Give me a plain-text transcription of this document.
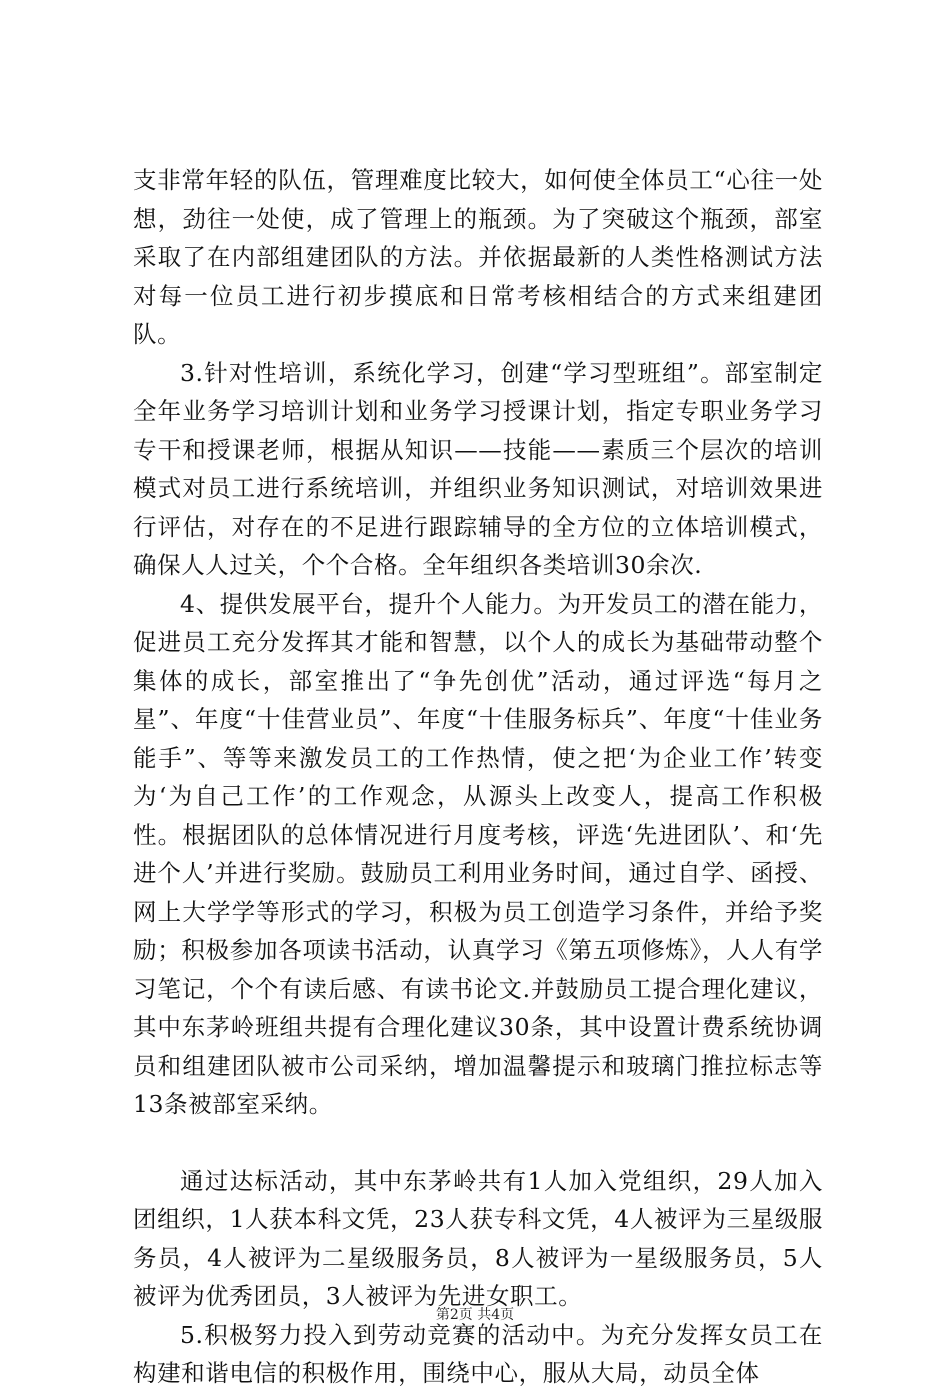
支非常年轻的队伍，管理难度比较大，如何使全体员工“心往一处想，劲往一处使，成了管理上的瓶颈。为了突破这个瓶颈，部室采取了在内部组建团队的方法。并依据最新的人类性格测试方法对每一位员工进行初步摸底和日常考核相结合的方式来组建团队。

3.针对性培训，系统化学习，创建“学习型班组”。部室制定全年业务学习培训计划和业务学习授课计划，指定专职业务学习专干和授课老师，根据从知识——技能——素质三个层次的培训模式对员工进行系统培训，并组织业务知识测试，对培训效果进行评估，对存在的不足进行跟踪辅导的全方位的立体培训模式，确保人人过关，个个合格。全年组织各类培训30余次.

4、提供发展平台，提升个人能力。为开发员工的潜在能力，促进员工充分发挥其才能和智慧，以个人的成长为基础带动整个集体的成长，部室推出了“争先创优”活动，通过评选“每月之星”、年度“十佳营业员”、年度“十佳服务标兵”、年度“十佳业务能手”、等等来激发员工的工作热情，使之把‘为企业工作’转变为‘为自己工作’的工作观念，从源头上改变人，提高工作积极性。根据团队的总体情况进行月度考核，评选‘先进团队’、和‘先进个人’并进行奖励。鼓励员工利用业务时间，通过自学、函授、网上大学学等形式的学习，积极为员工创造学习条件，并给予奖励；积极参加各项读书活动，认真学习《第五项修炼》，人人有学习笔记，个个有读后感、有读书论文.并鼓励员工提合理化建议，其中东茅岭班组共提有合理化建议30条，其中设置计费系统协调员和组建团队被市公司采纳，增加温馨提示和玻璃门推拉标志等13条被部室采纳。

通过达标活动，其中东茅岭共有1人加入党组织，29人加入团组织，1人获本科文凭，23人获专科文凭，4人被评为三星级服务员，4人被评为二星级服务员，8人被评为一星级服务员，5人被评为优秀团员，3人被评为先进女职工。

5.积极努力投入到劳动竞赛的活动中。为充分发挥女员工在构建和谐电信的积极作用，围绕中心，服从大局，动员全体

第2页 共4页
